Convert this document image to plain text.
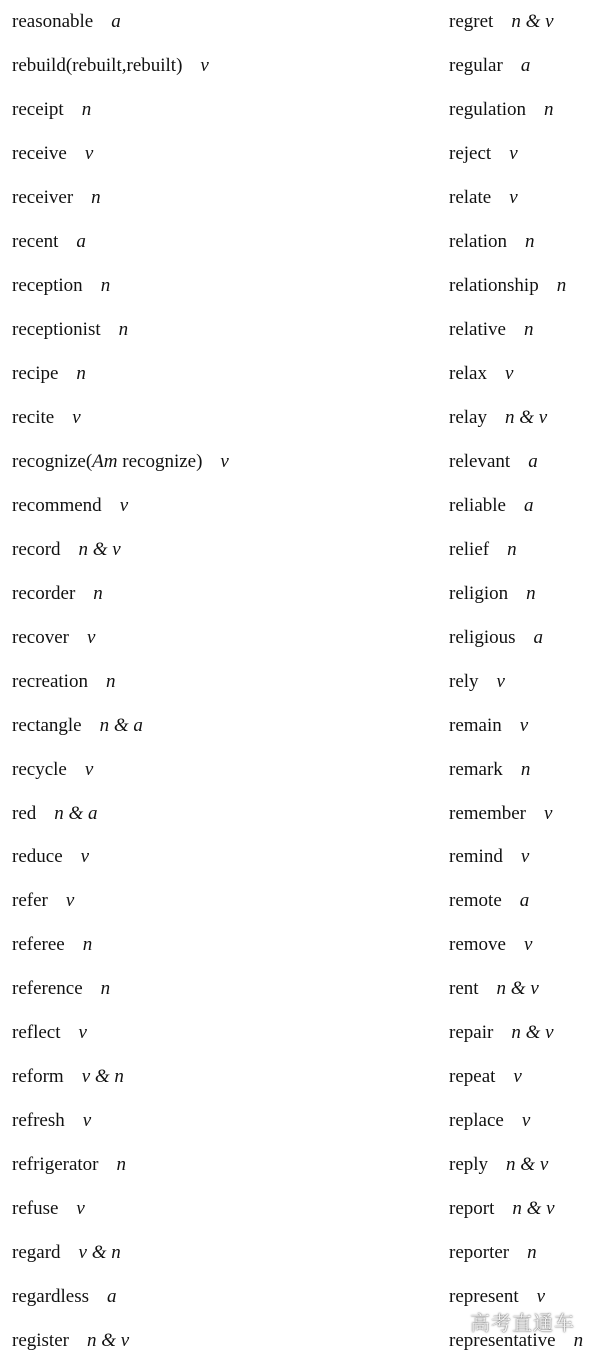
reasonable a
rebuild(rebuilt,rebuilt) v
receipt n
receive v
receiver n
recent a
reception n
receptionist n
recipe n
recite v
recognize(Am recognize) v
recommend v
record n & v
recorder n
recover v
recreation n
rectangle n & a
recycle v
red n & a
reduce v
refer v
referee n
reference n
reflect v
reform v & n
refresh v
refrigerator n
refuse v
regard v & n
regardless a
register n & v
regret n & v
regular a
regulation n
reject v
relate v
relation n
relationship n
relative n
relax v
relay n & v
relevant a
reliable a
relief n
religion n
religious a
rely v
remain v
remark n
remember v
remind v
remote a
remove v
rent n & v
repair n & v
repeat v
replace v
reply n & v
report n & v
reporter n
represent v
representative n
高考直通车
